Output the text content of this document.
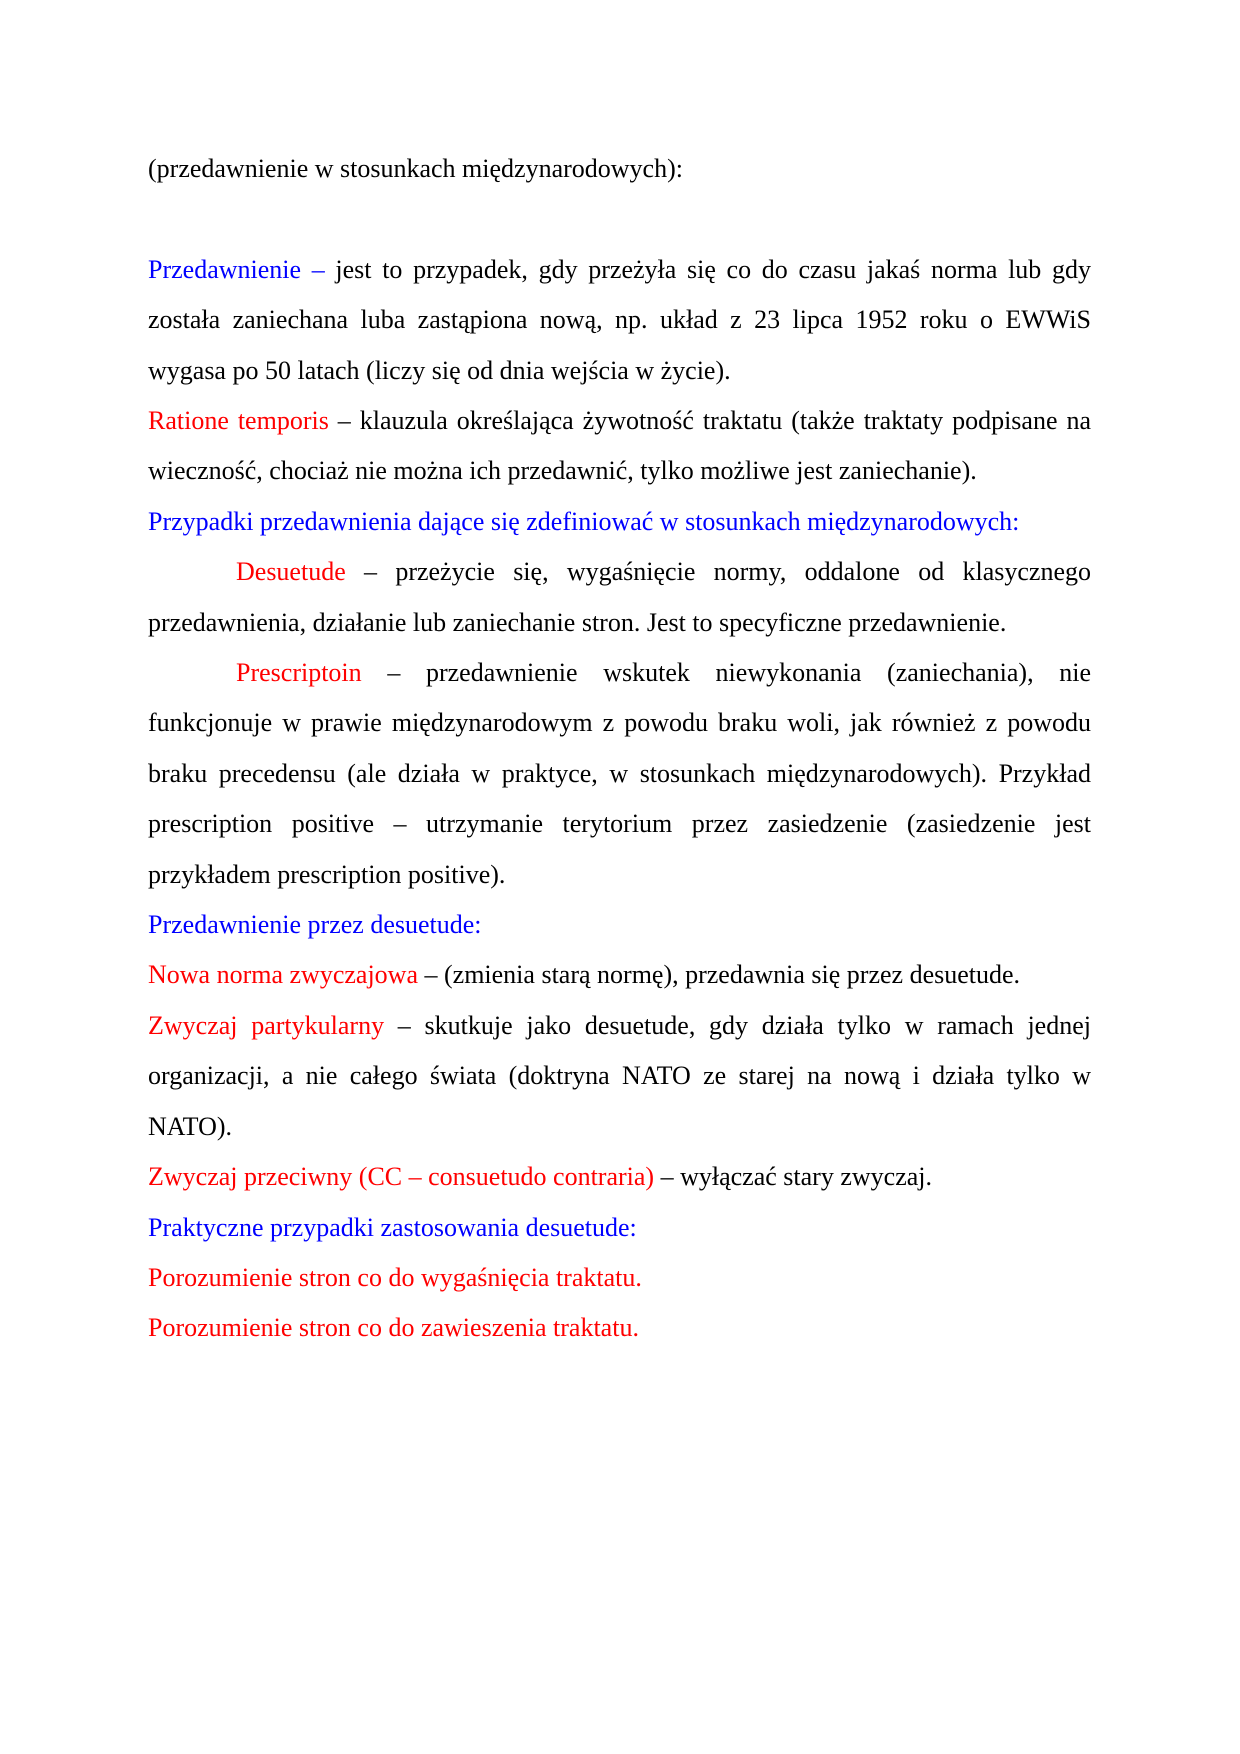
(przedawnienie w stosunkach międzynarodowych):

Przedawnienie – jest to przypadek, gdy przeżyła się co do czasu jakaś norma lub gdy została zaniechana luba zastąpiona nową, np. układ z 23 lipca 1952 roku o EWWiS wygasa po 50 latach (liczy się od dnia wejścia w życie).

Ratione temporis – klauzula określająca żywotność traktatu (także traktaty podpisane na wieczność, chociaż nie można ich przedawnić, tylko możliwe jest zaniechanie).

Przypadki przedawnienia dające się zdefiniować w stosunkach międzynarodowych:

Desuetude – przeżycie się, wygaśnięcie normy, oddalone od klasycznego przedawnienia, działanie lub zaniechanie stron. Jest to specyficzne przedawnienie.

Prescriptoin – przedawnienie wskutek niewykonania (zaniechania), nie funkcjonuje w prawie międzynarodowym z powodu braku woli, jak również z powodu braku precedensu (ale działa w praktyce, w stosunkach międzynarodowych). Przykład prescription positive – utrzymanie terytorium przez zasiedzenie (zasiedzenie jest przykładem prescription positive).

Przedawnienie przez desuetude:

Nowa norma zwyczajowa – (zmienia starą normę), przedawnia się przez desuetude.

Zwyczaj partykularny – skutkuje jako desuetude, gdy działa tylko w ramach jednej organizacji, a nie całego świata (doktryna NATO ze starej na nową i działa tylko w NATO).

Zwyczaj przeciwny (CC – consuetudo contraria) – wyłączać stary zwyczaj.

Praktyczne przypadki zastosowania desuetude:

Porozumienie stron co do wygaśnięcia traktatu.

Porozumienie stron co do zawieszenia traktatu.
